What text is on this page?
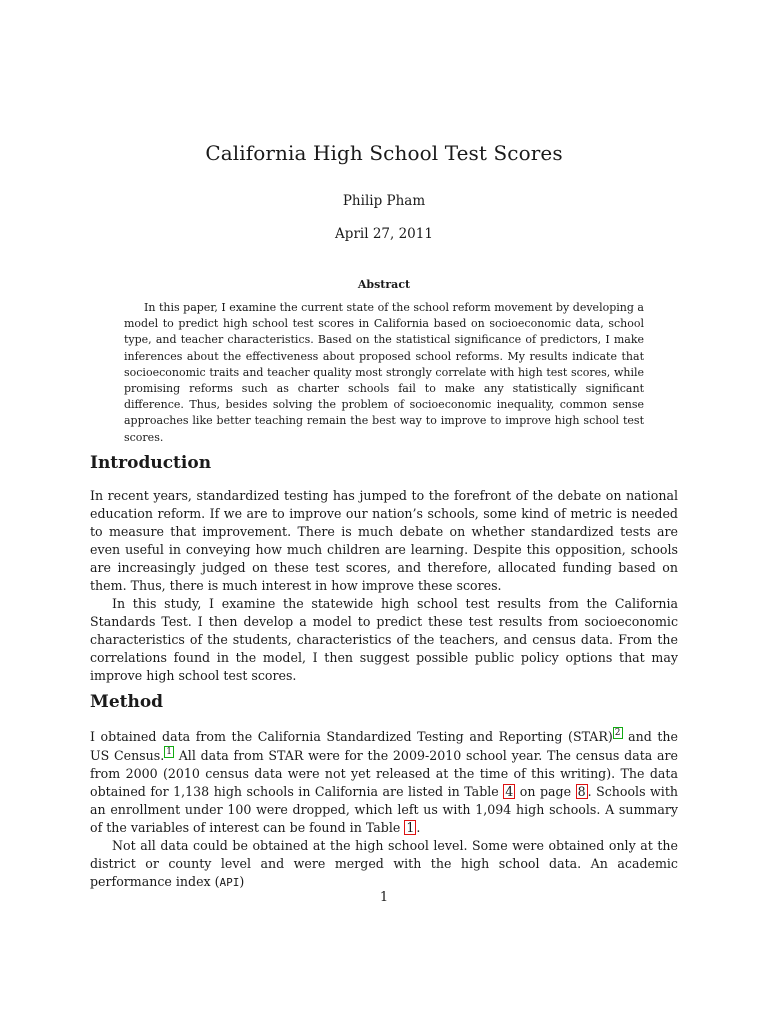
California High School Test Scores
Philip Pham
April 27, 2011
Abstract
In this paper, I examine the current state of the school reform movement by developing a model to predict high school test scores in California based on socioeconomic data, school type, and teacher characteristics. Based on the statistical significance of predictors, I make inferences about the effectiveness about proposed school reforms. My results indicate that socioeconomic traits and teacher quality most strongly correlate with high test scores, while promising reforms such as charter schools fail to make any statistically significant difference. Thus, besides solving the problem of socioeconomic inequality, common sense approaches like better teaching remain the best way to improve to improve high school test scores.
Introduction

In recent years, standardized testing has jumped to the forefront of the debate on national education reform. If we are to improve our nation’s schools, some kind of metric is needed to measure that improvement. There is much debate on whether standardized tests are even useful in conveying how much children are learning. Despite this opposition, schools are increasingly judged on these test scores, and therefore, allocated funding based on them. Thus, there is much interest in how improve these scores.

In this study, I examine the statewide high school test results from the California Standards Test. I then develop a model to predict these test results from socioeconomic characteristics of the students, characteristics of the teachers, and census data. From the correlations found in the model, I then suggest possible public policy options that may improve high school test scores.

Method

I obtained data from the California Standardized Testing and Reporting (STAR) 2 and the US Census. 1 All data from STAR were for the 2009-2010 school year. The census data are from 2000 (2010 census data were not yet released at the time of this writing). The data obtained for 1,138 high schools in California are listed in Table 4 on page 8 . Schools with an enrollment under 100 were dropped, which left us with 1,094 high schools. A summary of the variables of interest can be found in Table 1 .

Not all data could be obtained at the high school level. Some were obtained only at the district or county level and were merged with the high school data. An academic performance index (API)

1
